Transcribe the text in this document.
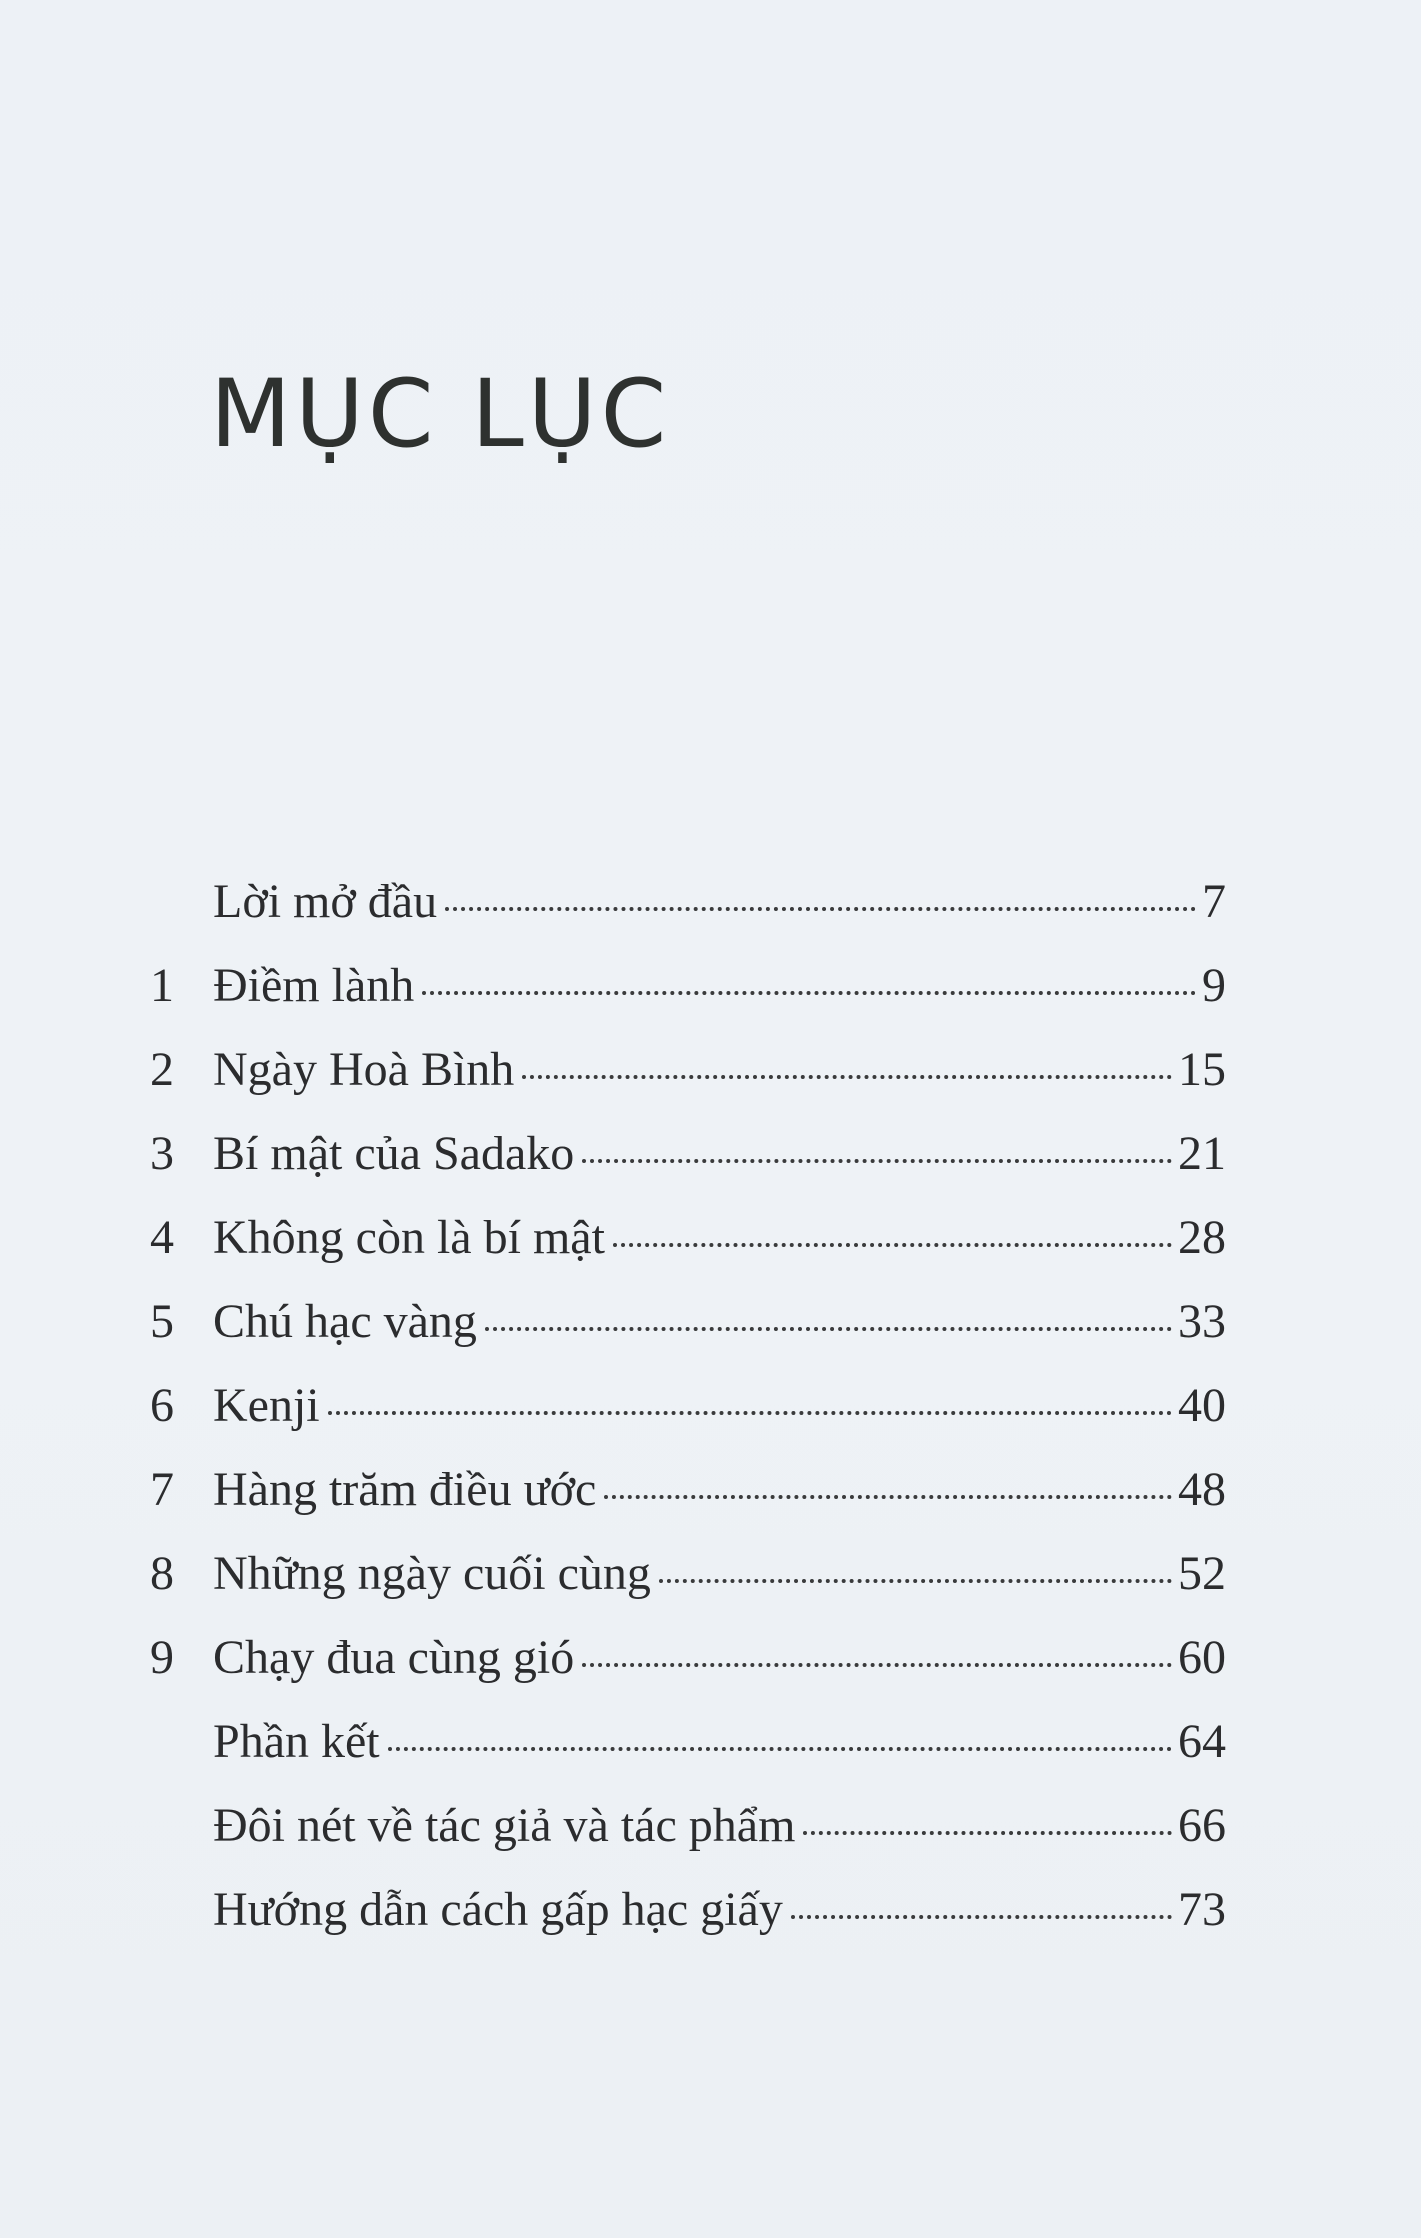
MỤC LỤC
Lời mở đầu	7
1 Điềm lành	9
2 Ngày Hoà Bình	15
3 Bí mật của Sadako	21
4 Không còn là bí mật	28
5 Chú hạc vàng	33
6 Kenji	40
7 Hàng trăm điều ước	48
8 Những ngày cuối cùng	52
9 Chạy đua cùng gió	60
Phần kết	64
Đôi nét về tác giả và tác phẩm	66
Hướng dẫn cách gấp hạc giấy	73
